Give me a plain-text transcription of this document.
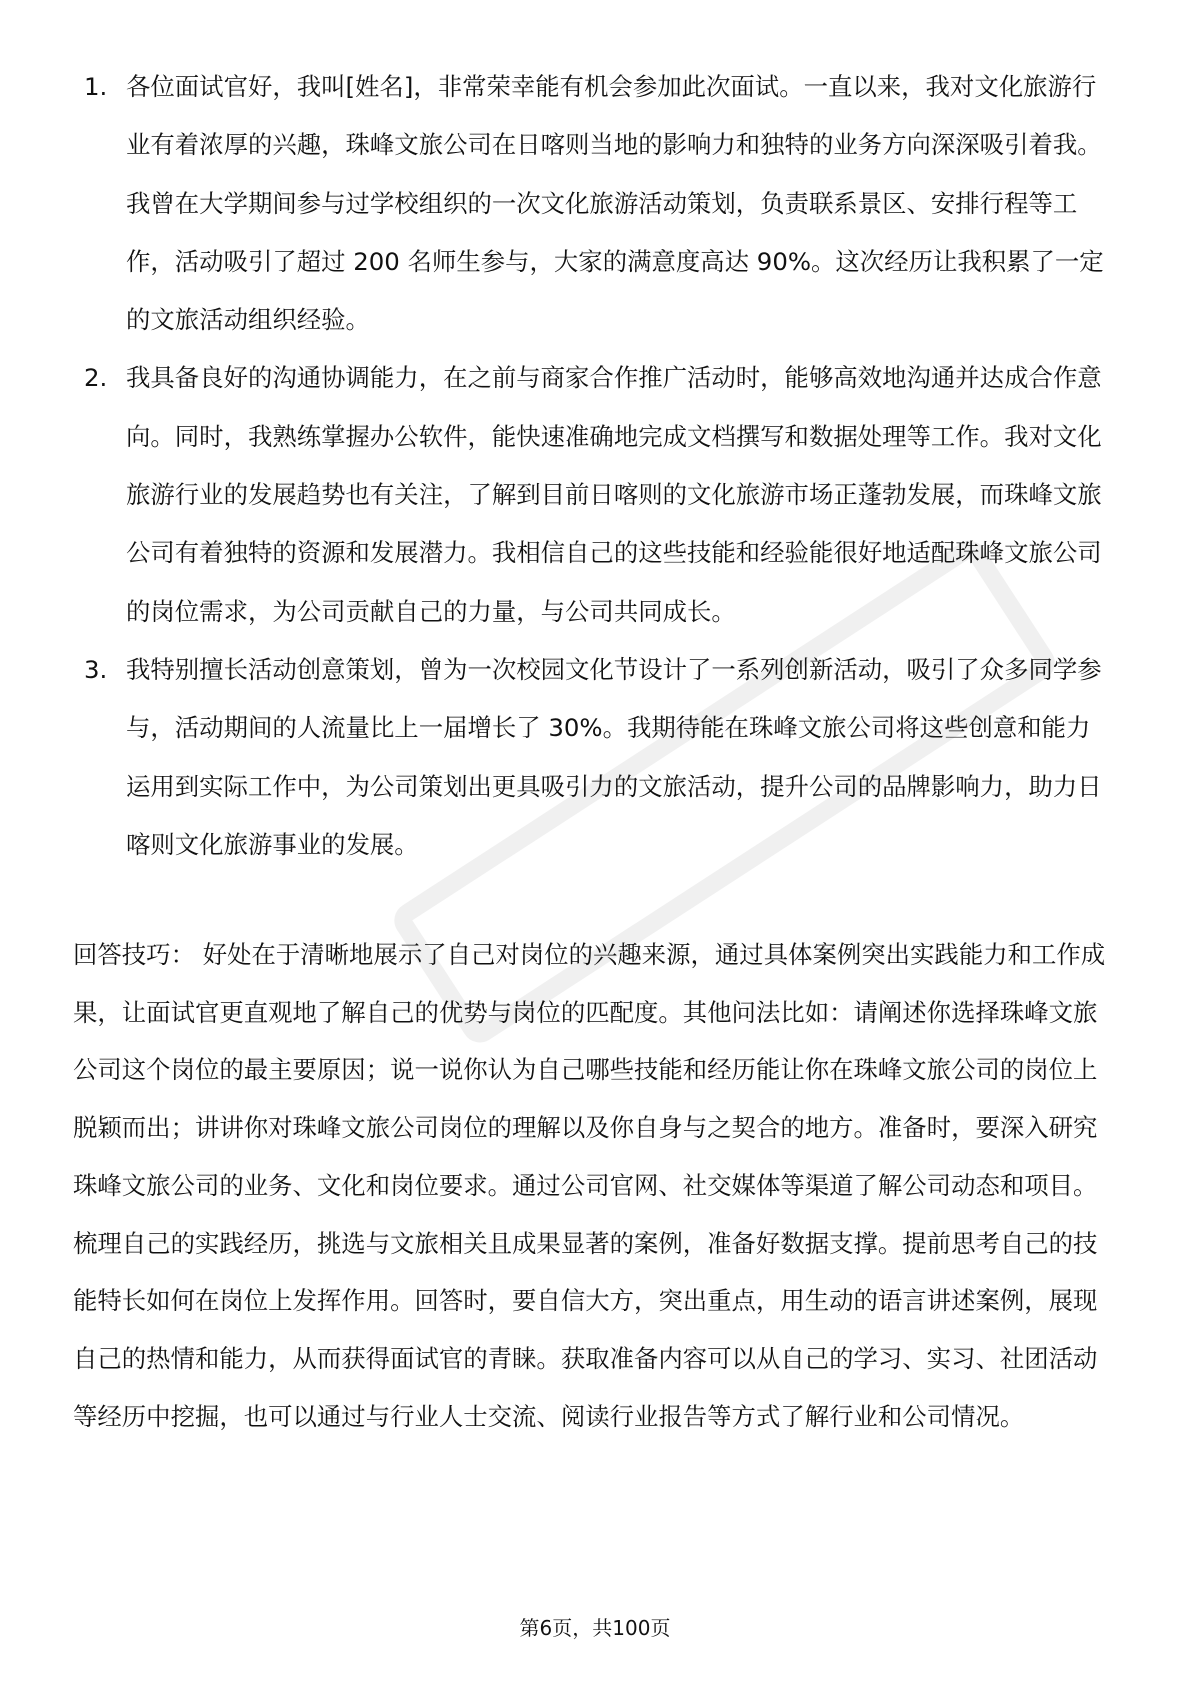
1. 各位面试官好，我叫[姓名]，非常荣幸能有机会参加此次面试。一直以来，我对文化旅游行业有着浓厚的兴趣，珠峰文旅公司在日喀则当地的影响力和独特的业务方向深深吸引着我。我曾在大学期间参与过学校组织的一次文化旅游活动策划，负责联系景区、安排行程等工作，活动吸引了超过 200 名师生参与，大家的满意度高达 90%。这次经历让我积累了一定的文旅活动组织经验。
2. 我具备良好的沟通协调能力，在之前与商家合作推广活动时，能够高效地沟通并达成合作意向。同时，我熟练掌握办公软件，能快速准确地完成文档撰写和数据处理等工作。我对文化旅游行业的发展趋势也有关注，了解到目前日喀则的文化旅游市场正蓬勃发展，而珠峰文旅公司有着独特的资源和发展潜力。我相信自己的这些技能和经验能很好地适配珠峰文旅公司的岗位需求，为公司贡献自己的力量，与公司共同成长。
3. 我特别擅长活动创意策划，曾为一次校园文化节设计了一系列创新活动，吸引了众多同学参与，活动期间的人流量比上一届增长了 30%。我期待能在珠峰文旅公司将这些创意和能力运用到实际工作中，为公司策划出更具吸引力的文旅活动，提升公司的品牌影响力，助力日喀则文化旅游事业的发展。

回答技巧： 好处在于清晰地展示了自己对岗位的兴趣来源，通过具体案例突出实践能力和工作成果，让面试官更直观地了解自己的优势与岗位的匹配度。其他问法比如：请阐述你选择珠峰文旅公司这个岗位的最主要原因；说一说你认为自己哪些技能和经历能让你在珠峰文旅公司的岗位上脱颖而出；讲讲你对珠峰文旅公司岗位的理解以及你自身与之契合的地方。准备时，要深入研究珠峰文旅公司的业务、文化和岗位要求。通过公司官网、社交媒体等渠道了解公司动态和项目。梳理自己的实践经历，挑选与文旅相关且成果显著的案例，准备好数据支撑。提前思考自己的技能特长如何在岗位上发挥作用。回答时，要自信大方，突出重点，用生动的语言讲述案例，展现自己的热情和能力，从而获得面试官的青睐。获取准备内容可以从自己的学习、实习、社团活动等经历中挖掘，也可以通过与行业人士交流、阅读行业报告等方式了解行业和公司情况。

第6页，共100页
